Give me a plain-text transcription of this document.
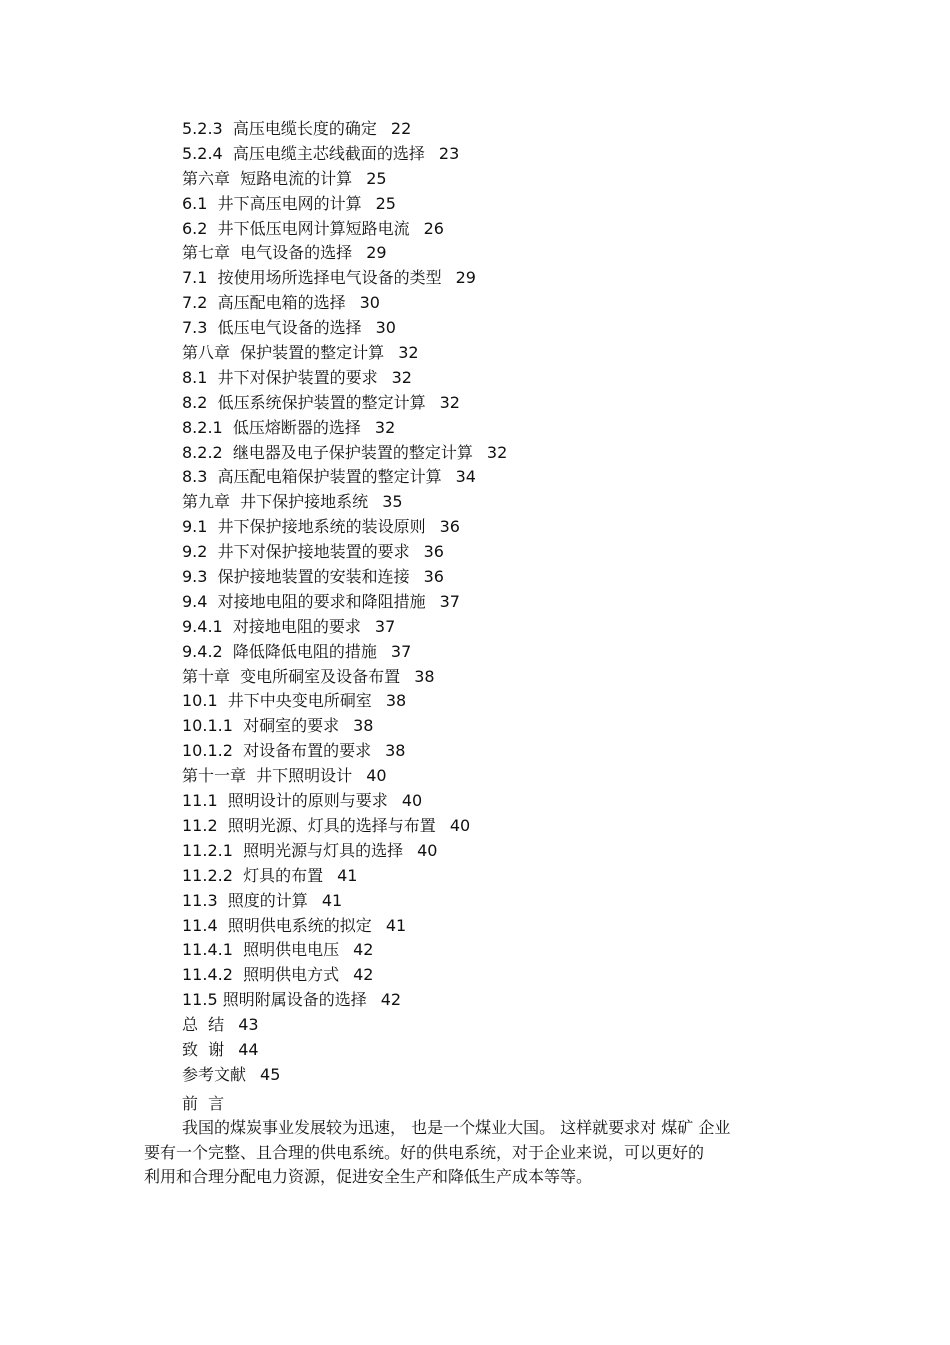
5.2.3  高压电缆长度的确定 22
5.2.4  高压电缆主芯线截面的选择 23
第六章  短路电流的计算 25
6.1  井下高压电网的计算 25
6.2  井下低压电网计算短路电流 26
第七章  电气设备的选择 29
7.1  按使用场所选择电气设备的类型 29
7.2  高压配电箱的选择 30
7.3  低压电气设备的选择 30
第八章  保护装置的整定计算 32
8.1  井下对保护装置的要求 32
8.2  低压系统保护装置的整定计算 32
8.2.1  低压熔断器的选择 32
8.2.2  继电器及电子保护装置的整定计算 32
8.3  高压配电箱保护装置的整定计算 34
第九章  井下保护接地系统 35
9.1  井下保护接地系统的装设原则 36
9.2  井下对保护接地装置的要求 36
9.3  保护接地装置的安装和连接 36
9.4  对接地电阻的要求和降阻措施 37
9.4.1  对接地电阻的要求 37
9.4.2  降低降低电阻的措施 37
第十章  变电所硐室及设备布置 38
10.1  井下中央变电所硐室 38
10.1.1  对硐室的要求 38
10.1.2  对设备布置的要求 38
第十一章  井下照明设计 40
11.1  照明设计的原则与要求 40
11.2  照明光源、灯具的选择与布置 40
11.2.1  照明光源与灯具的选择 40
11.2.2  灯具的布置 41
11.3  照度的计算 41
11.4  照明供电系统的拟定 41
11.4.1  照明供电电压 42
11.4.2  照明供电方式 42
11.5 照明附属设备的选择 42
总  结 43
致  谢 44
参考文献 45
前  言
我国的煤炭事业发展较为迅速， 也是一个煤业大国。 这样就要求对 煤矿 企业
要有一个完整、且合理的供电系统。好的供电系统，对于企业来说，可以更好的
利用和合理分配电力资源，促进安全生产和降低生产成本等等。
